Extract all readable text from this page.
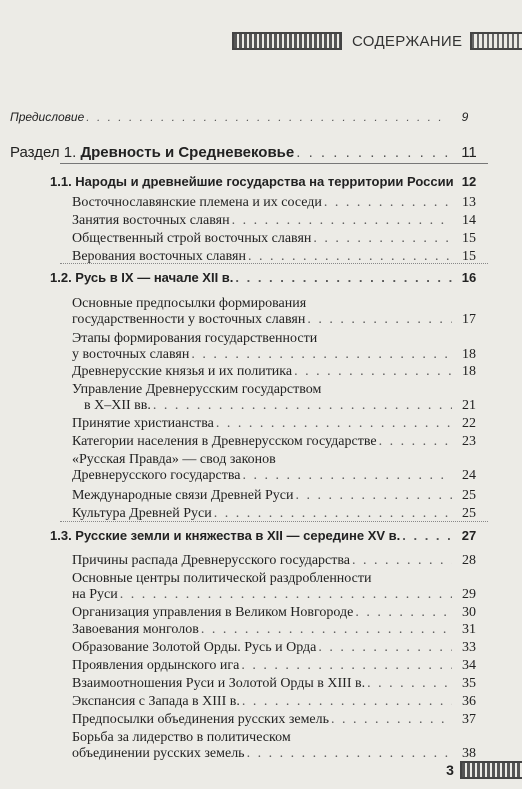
СОДЕРЖАНИЕ
Предисловие . . .	9
Раздел 1. Древность и Средневековье . . .	11
1.1. Народы и древнейшие государства на территории России 12
Восточнославянские племена и их соседи . . .	13
Занятия восточных славян . . .	14
Общественный строй восточных славян . . .	15
Верования восточных славян . . .	15
1.2. Русь в IX — начале XII в. . . .	16
Основные предпосылки формирования
государственности у восточных славян . . .	17
Этапы формирования государственности
у восточных славян . . .	18
Древнерусские князья и их политика . . .	18
Управление Древнерусским государством
в X–XII вв. . . .	21
Принятие христианства . . .	22
Категории населения в Древнерусском государстве . . .	23
«Русская Правда» — свод законов
Древнерусского государства . . .	24
Международные связи Древней Руси . . .	25
Культура Древней Руси . . .	25
1.3. Русские земли и княжества в XII — середине XV в. . . .	27
Причины распада Древнерусского государства . . .	28
Основные центры политической раздробленности
на Руси . . .	29
Организация управления в Великом Новгороде . . .	30
Завоевания монголов . . .	31
Образование Золотой Орды. Русь и Орда . . .	33
Проявления ордынского ига . . .	34
Взаимоотношения Руси и Золотой Орды в XIII в. . . .	35
Экспансия с Запада в XIII в. . . .	36
Предпосылки объединения русских земель . . .	37
Борьба за лидерство в политическом
объединении русских земель . . .	38
3
